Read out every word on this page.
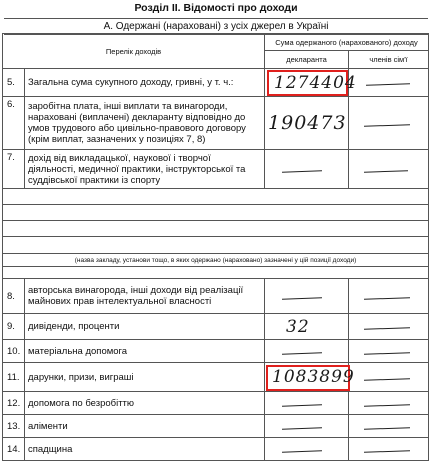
Розділ ІІ. Відомості про доходи
А. Одержані (нараховані) з усіх джерел в Україні
Перелік доходів		Сума одержаного (нарахованого) доходу	
		декларанта	членів сім'ї
5.	Загальна сума сукупного доходу, гривні, у т. ч.:	1274404	
6.	заробітна плата, інші виплати та винагороди, нараховані (виплачені) декларанту відповідно до умов трудового або цивільно-правового договору (крім виплат, зазначених у позиціях 7, 8)	190473	
7.	дохід від викладацької, наукової і творчої діяльності, медичної практики, інструкторської та суддівської практики із спорту		

(назва закладу, установи тощо, в яких одержано (нараховано) зазначені у цій позиції доходи)			

8.	авторська винагорода, інші доходи від реалізації майнових прав інтелектуальної власності		
9.	дивіденди, проценти	32	
10.	матеріальна допомога		
11.	дарунки, призи, виграші	1083899	
12.	допомога по безробіттю		
13.	аліменти		
14.	спадщина		
